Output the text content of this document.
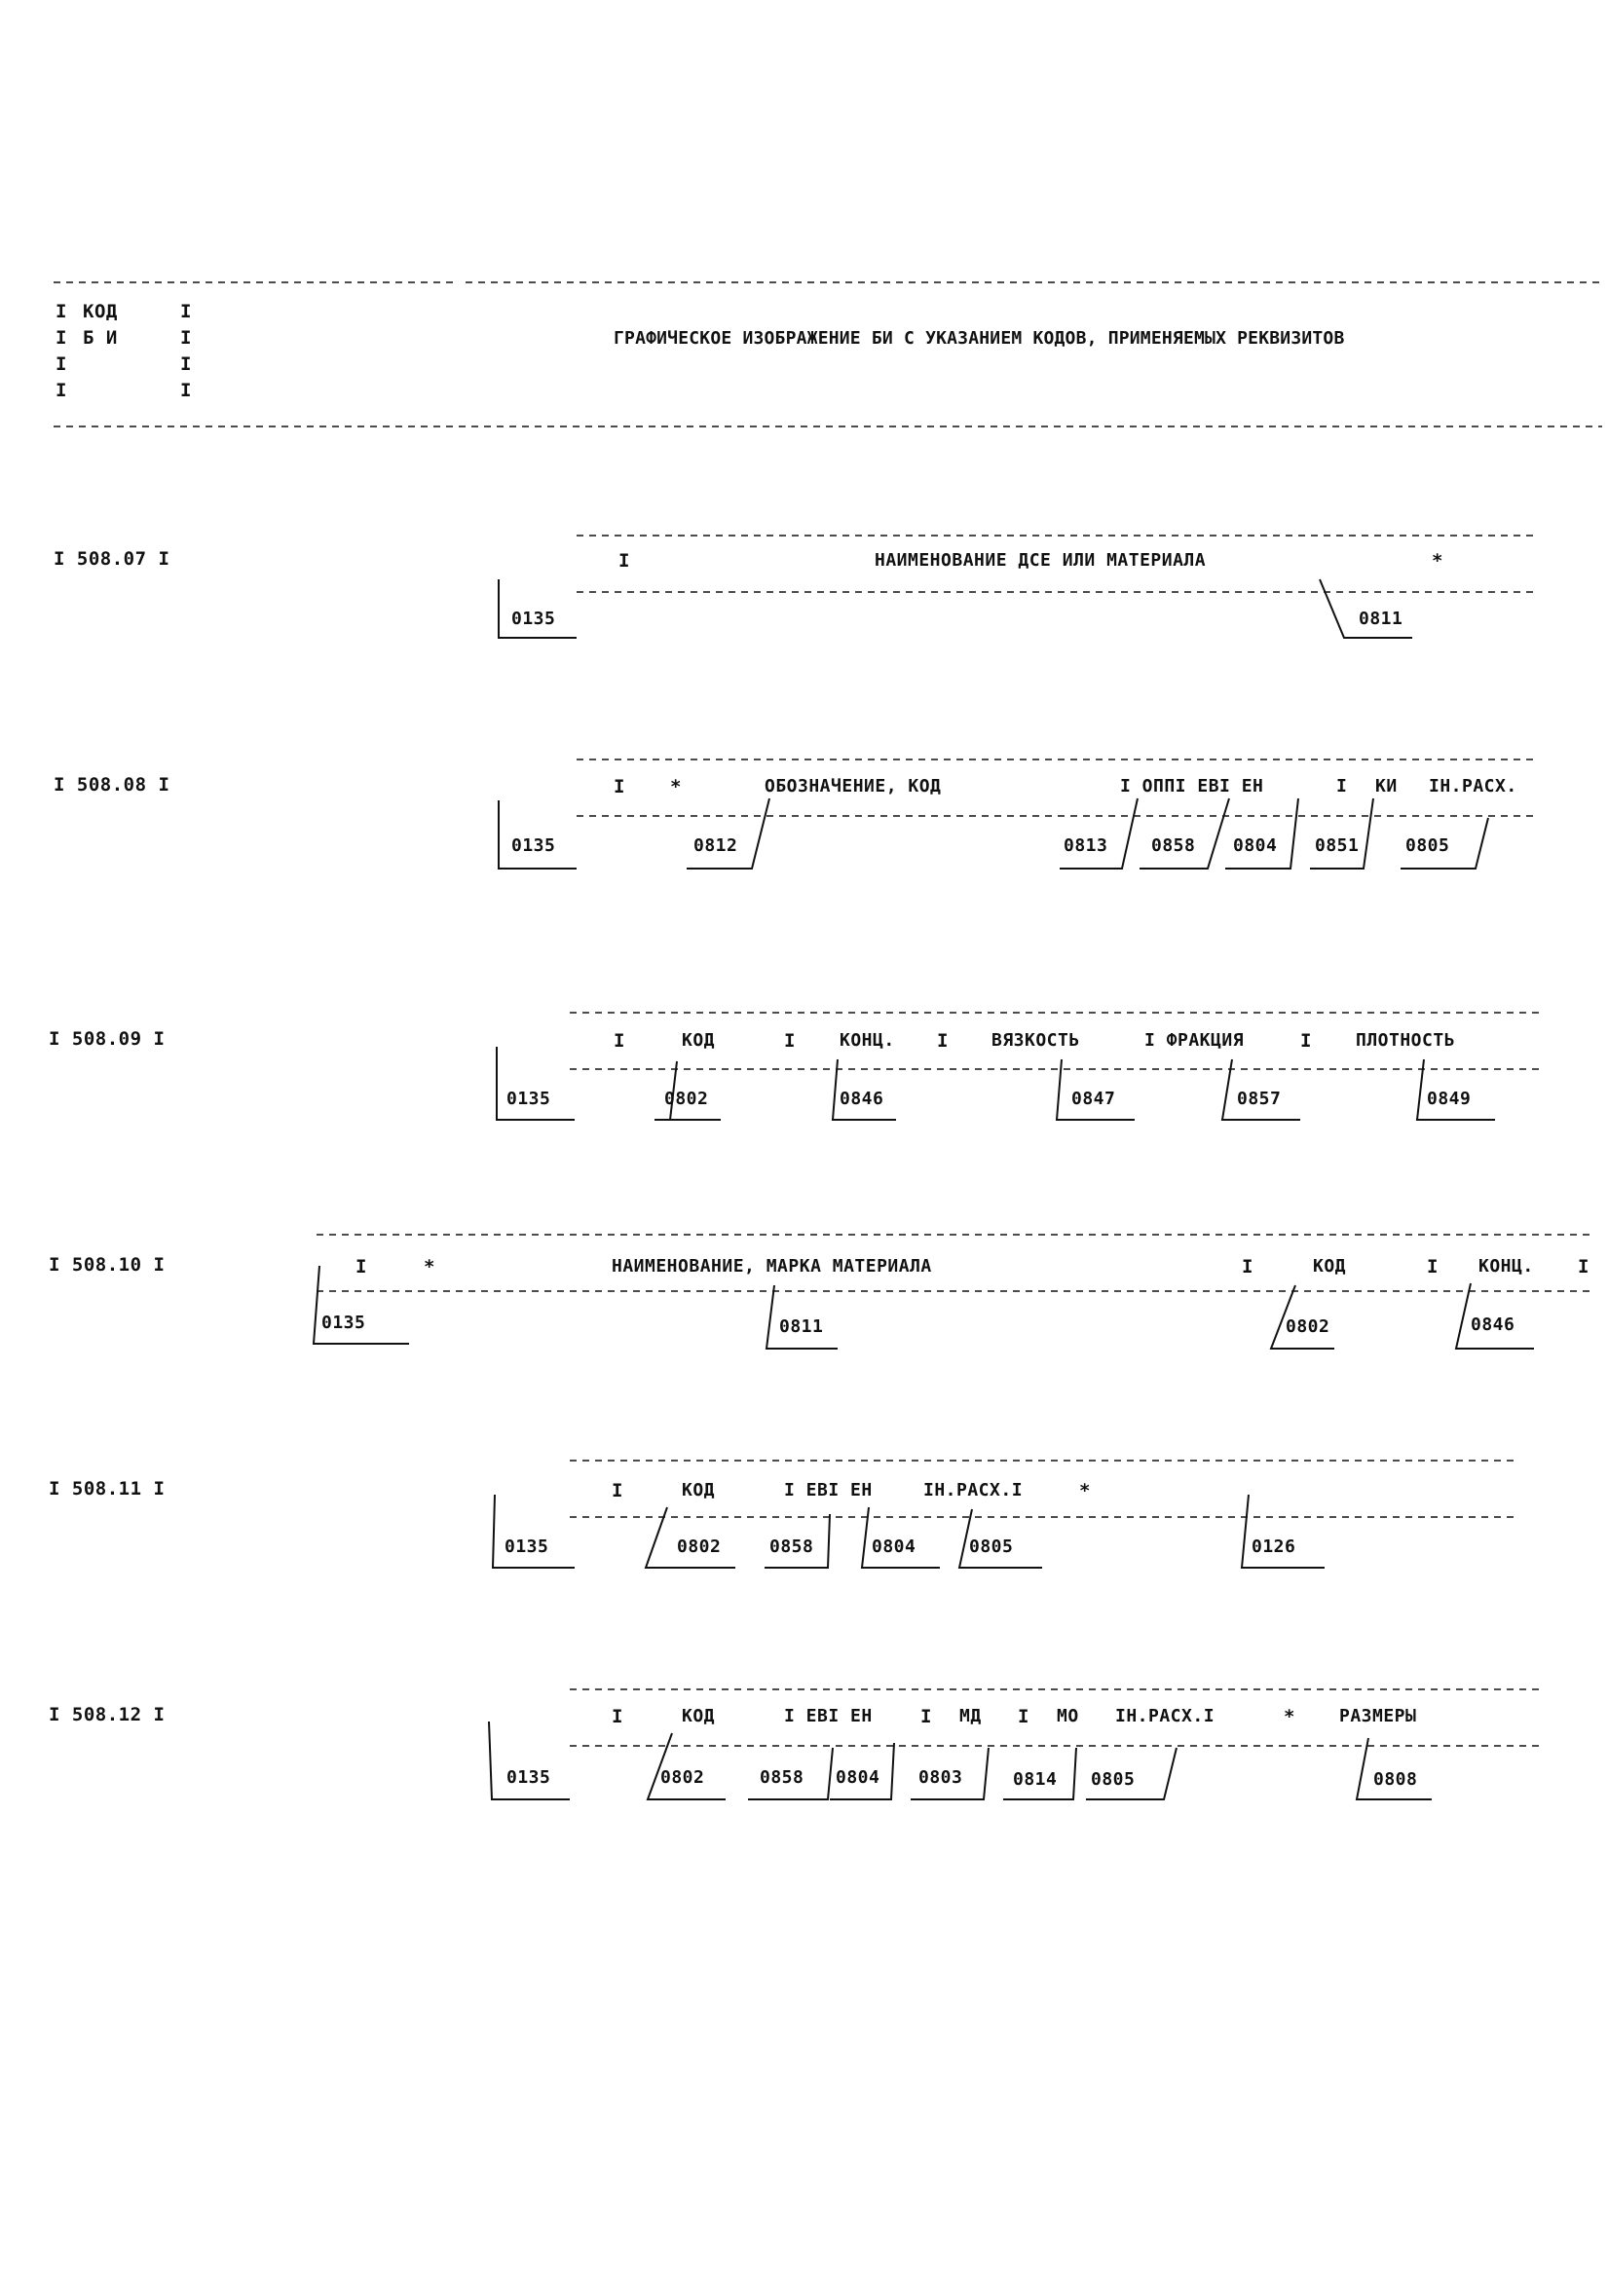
I КОД	I
I Б И	I
I	I
I	I
ГРАФИЧЕСКОЕ ИЗОБРАЖЕНИЕ БИ С УКАЗАНИЕМ КОДОВ, ПРИМЕНЯЕМЫХ РЕКВИЗИТОВ
I 508.07 I	I	НАИМЕНОВАНИЕ ДСЕ ИЛИ МАТЕРИАЛА	*
0135	0811
I 508.08 I	I *	ОБОЗНАЧЕНИЕ, КОД	I ОППI ЕВI ЕН	I КИ IН.РАСХ.
0135	0812	0813 0858 0804 0851	0805
I 508.09 I	I	КОД	I	КОНЦ. I ВЯЗКОСТЬ	I ФРАКЦИЯ	I	ПЛОТНОСТЬ
0135	0802	0846	0847	0857	0849
I 508.10 I	I	*	НАИМЕНОВАНИЕ, МАРКА МАТЕРИАЛА	I	КОД	I КОНЦ. I
0135	0811	0802	0846
I 508.11 I	I	КОД	I ЕВI ЕН	IН.РАСХ.I	*
0135	0802	0858	0804	0805	0126
I 508.12 I	I	КОД	I ЕВI ЕН	I МД I МО IН.РАСХ.I	*	РАЗМЕРЫ
0135	0802	0858 0804 0803	0814 0805	0808
